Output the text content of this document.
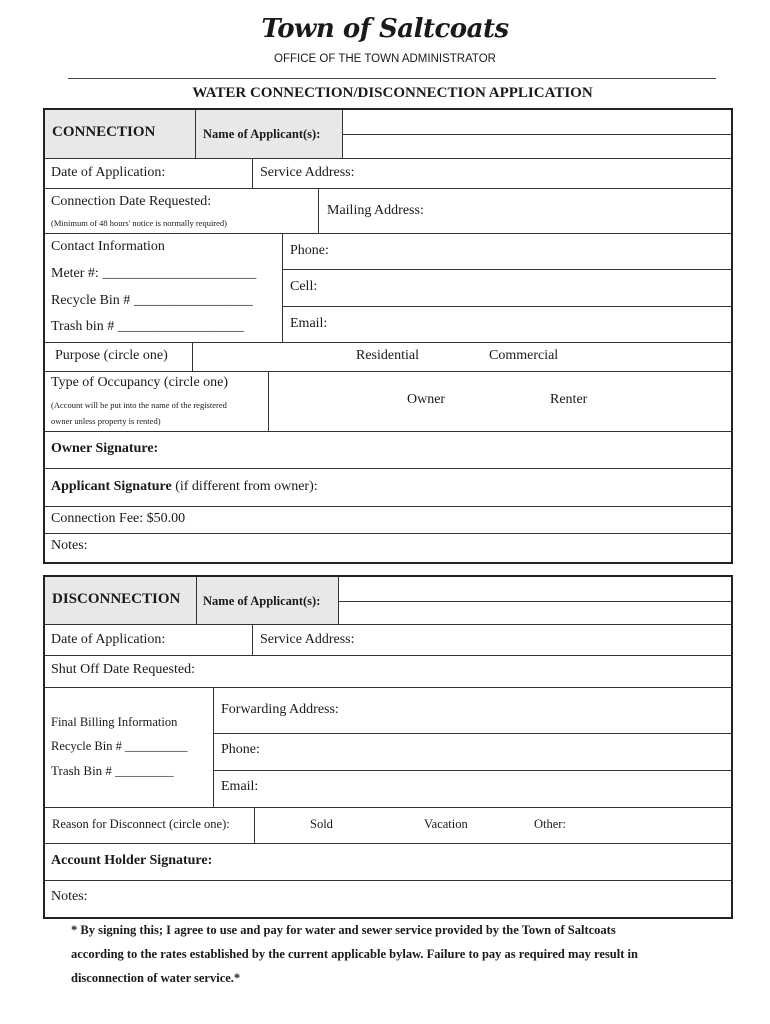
Town of Saltcoats
OFFICE OF THE TOWN ADMINISTRATOR
WATER CONNECTION/DISCONNECTION APPLICATION
CONNECTION	Name of Applicant(s):
Date of Application:	Service Address:
Connection Date Requested:
(Minimum of 48 hours' notice is normally required)
Mailing Address:
Contact Information
Meter #: ______________________
Recycle Bin # _________________
Trash bin # __________________
Phone:
Cell:
Email:
Purpose (circle one)	Residential	Commercial
Type of Occupancy (circle one)
(Account will be put into the name of the registered
owner unless property is rented)
Owner	Renter
Owner Signature:
Applicant Signature (if different from owner):
Connection Fee: $50.00
Notes:
DISCONNECTION Name of Applicant(s):
Date of Application:	Service Address:
Shut Off Date Requested:
Final Billing Information
Recycle Bin # __________
Trash Bin # _________
Forwarding Address:
Phone:
Email:
Reason for Disconnect (circle one):	Sold	Vacation	Other:
Account Holder Signature:
Notes:
* By signing this; I agree to use and pay for water and sewer service provided by the Town of Saltcoats
according to the rates established by the current applicable bylaw. Failure to pay as required may result in
disconnection of water service.*
